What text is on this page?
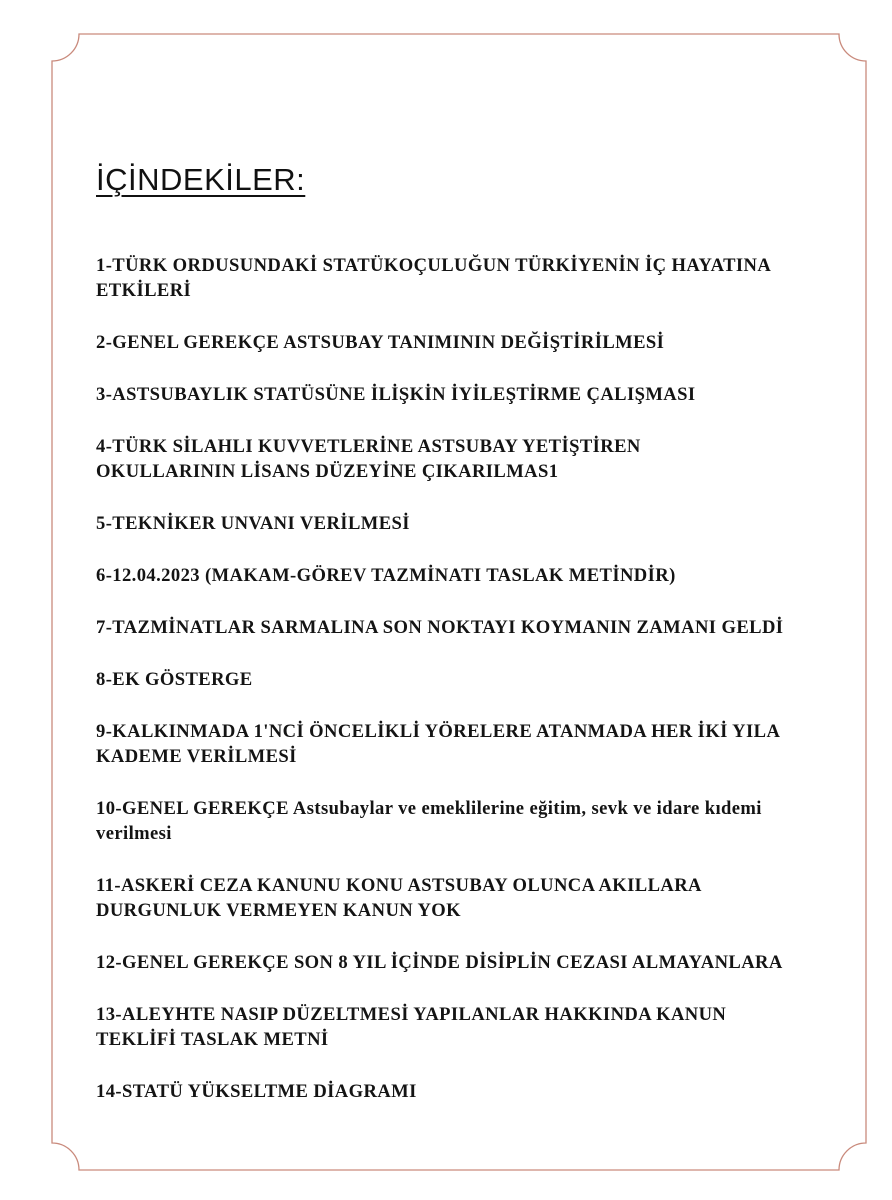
İÇİNDEKİLER:
1-TÜRK ORDUSUNDAKİ STATÜKOÇULUĞUN TÜRKİYENİN İÇ HAYATINA
ETKİLERİ
2-GENEL GEREKÇE ASTSUBAY TANIMININ DEĞİŞTİRİLMESİ
3-ASTSUBAYLIK STATÜSÜNE İLİŞKİN İYİLEŞTİRME ÇALIŞMASI
4-TÜRK SİLAHLI KUVVETLERİNE ASTSUBAY YETİŞTİREN
OKULLARININ LİSANS DÜZEYİNE ÇIKARILMAS1
5-TEKNİKER UNVANI VERİLMESİ
6-12.04.2023 (MAKAM-GÖREV TAZMİNATI TASLAK METİNDİR)
7-TAZMİNATLAR SARMALINA SON NOKTAYI KOYMANIN ZAMANI GELDİ
8-EK GÖSTERGE
9-KALKINMADA 1'NCİ ÖNCELİKLİ YÖRELERE ATANMADA HER İKİ YILA
KADEME VERİLMESİ
10-GENEL GEREKÇE Astsubaylar ve emeklilerine eğitim, sevk ve idare kıdemi
verilmesi
11-ASKERİ CEZA KANUNU KONU ASTSUBAY OLUNCA AKILLARA
DURGUNLUK VERMEYEN KANUN YOK
12-GENEL GEREKÇE SON 8 YIL İÇİNDE DİSİPLİN CEZASI ALMAYANLARA
13-ALEYHTE NASIP DÜZELTMESİ YAPILANLAR HAKKINDA KANUN
TEKLİFİ TASLAK METNİ
14-STATÜ YÜKSELTME DİAGRAMI
